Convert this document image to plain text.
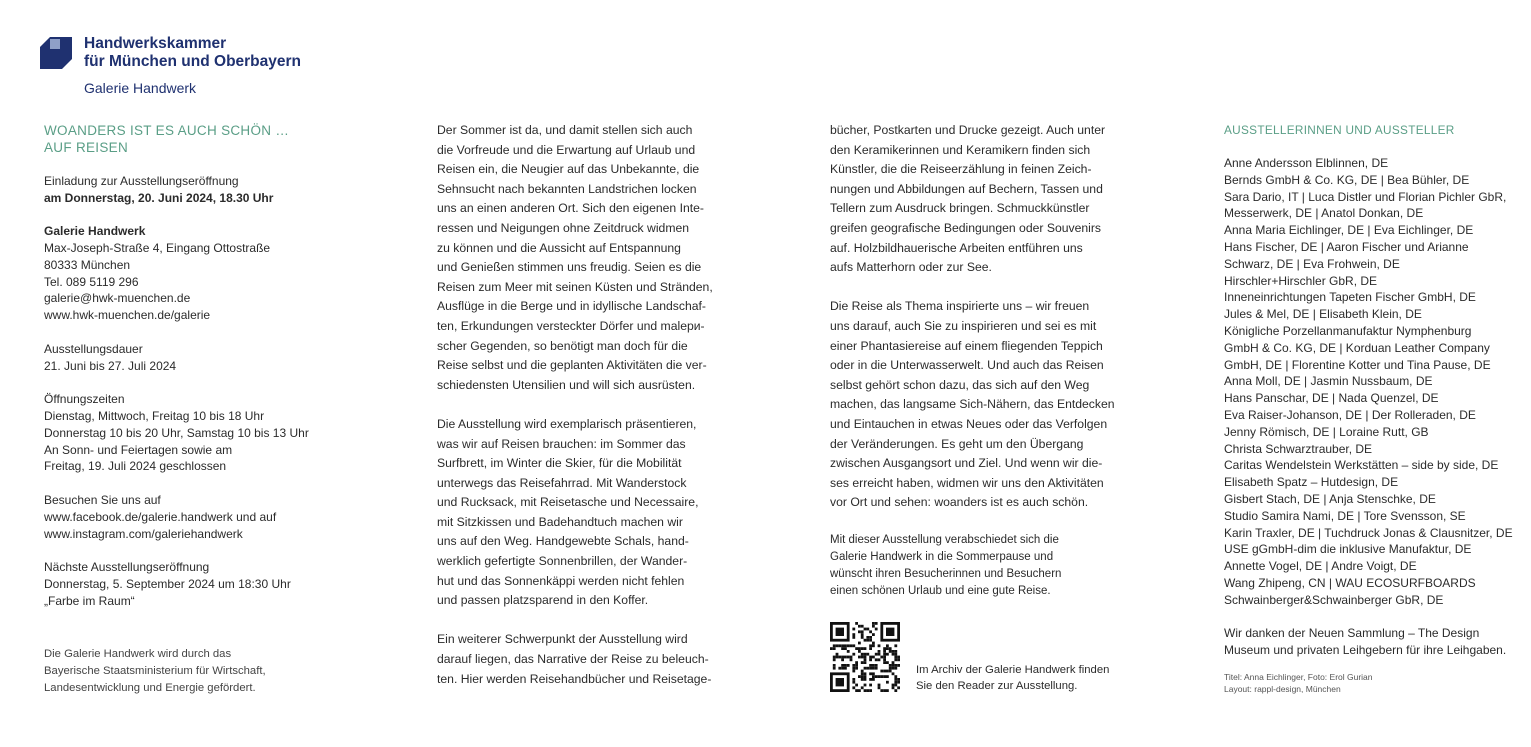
Handwerkskammer
für München und Oberbayern
Galerie Handwerk

WOANDERS IST ES AUCH SCHÖN …

AUF REISEN

Einladung zur Ausstellungseröffnung

am Donnerstag, 20. Juni 2024, 18.30 Uhr

Galerie Handwerk

Max-Joseph-Straße 4, Eingang Ottostraße

80333 München

Tel. 089 5119 296

galerie@hwk-muenchen.de

www.hwk-muenchen.de/galerie

Ausstellungsdauer

21. Juni bis 27. Juli 2024

Öffnungszeiten

Dienstag, Mittwoch, Freitag 10 bis 18 Uhr

Donnerstag 10 bis 20 Uhr, Samstag 10 bis 13 Uhr

An Sonn- und Feiertagen sowie am

Freitag, 19. Juli 2024 geschlossen

Besuchen Sie uns auf

www.facebook.de/galerie.handwerk und auf

www.instagram.com/galeriehandwerk

Nächste Ausstellungseröffnung

Donnerstag, 5. September 2024 um 18:30 Uhr

„Farbe im Raum“

Die Galerie Handwerk wird durch das

Bayerische Staatsministerium für Wirtschaft,

Landesentwicklung und Energie gefördert.

Der Sommer ist da, und damit stellen sich auch
die Vorfreude und die Erwartung auf Urlaub und
Reisen ein, die Neugier auf das Unbekannte, die
Sehnsucht nach bekannten Landstrichen locken
uns an einen anderen Ort. Sich den eigenen Inte-
ressen und Neigungen ohne Zeitdruck widmen
zu können und die Aussicht auf Entspannung
und Genießen stimmen uns freudig. Seien es die
Reisen zum Meer mit seinen Küsten und Stränden,
Ausflüge in die Berge und in idyllische Landschaf-
ten, Erkundungen versteckter Dörfer und malери-
scher Gegenden, so benötigt man doch für die
Reise selbst und die geplanten Aktivitäten die ver-
schiedensten Utensilien und will sich ausrüsten.
Die Ausstellung wird exemplarisch präsentieren,
was wir auf Reisen brauchen: im Sommer das
Surfbrett, im Winter die Skier, für die Mobilität
unterwegs das Reisefahrrad. Mit Wanderstock
und Rucksack, mit Reisetasche und Necessaire,
mit Sitzkissen und Badehandtuch machen wir
uns auf den Weg. Handgewebte Schals, hand-
werklich gefertigte Sonnenbrillen, der Wander-
hut und das Sonnenkäppi werden nicht fehlen
und passen platzsparend in den Koffer.
Ein weiterer Schwerpunkt der Ausstellung wird
darauf liegen, das Narrative der Reise zu beleuch-
ten. Hier werden Reisehandbücher und Reisetage-
bücher, Postkarten und Drucke gezeigt. Auch unter
den Keramikerinnen und Keramikern finden sich
Künstler, die die Reiseerzählung in feinen Zeich-
nungen und Abbildungen auf Bechern, Tassen und
Tellern zum Ausdruck bringen. Schmuckkünstler
greifen geografische Bedingungen oder Souvenirs
auf. Holzbildhauerische Arbeiten entführen uns
aufs Matterhorn oder zur See.
Die Reise als Thema inspirierte uns – wir freuen
uns darauf, auch Sie zu inspirieren und sei es mit
einer Phantasiereise auf einem fliegenden Teppich
oder in die Unterwasserwelt. Und auch das Reisen
selbst gehört schon dazu, das sich auf den Weg
machen, das langsame Sich-Nähern, das Entdecken
und Eintauchen in etwas Neues oder das Verfolgen
der Veränderungen. Es geht um den Übergang
zwischen Ausgangsort und Ziel. Und wenn wir die-
ses erreicht haben, widmen wir uns den Aktivitäten
vor Ort und sehen: woanders ist es auch schön.
Mit dieser Ausstellung verabschiedet sich die
Galerie Handwerk in die Sommerpause und
wünscht ihren Besucherinnen und Besuchern
einen schönen Urlaub und eine gute Reise.
Im Archiv der Galerie Handwerk finden
Sie den Reader zur Ausstellung.

AUSSTELLERINNEN UND AUSSTELLER

Anne Andersson Elblinnen, DE
Bernds GmbH & Co. KG, DE | Bea Bühler, DE
Sara Dario, IT | Luca Distler und Florian Pichler GbR,
Messerwerk, DE | Anatol Donkan, DE
Anna Maria Eichlinger, DE | Eva Eichlinger, DE
Hans Fischer, DE | Aaron Fischer und Arianne
Schwarz, DE | Eva Frohwein, DE
Hirschler+Hirschler GbR, DE
Inneneinrichtungen Tapeten Fischer GmbH, DE
Jules & Mel, DE | Elisabeth Klein, DE
Königliche Porzellanmanufaktur Nymphenburg
GmbH & Co. KG, DE | Korduan Leather Company
GmbH, DE | Florentine Kotter und Tina Pause, DE
Anna Moll, DE | Jasmin Nussbaum, DE
Hans Panschar, DE | Nada Quenzel, DE
Eva Raiser-Johanson, DE | Der Rolleraden, DE
Jenny Römisch, DE | Loraine Rutt, GB
Christa Schwarztrauber, DE
Caritas Wendelstein Werkstätten – side by side, DE
Elisabeth Spatz – Hutdesign, DE
Gisbert Stach, DE | Anja Stenschke, DE
Studio Samira Nami, DE | Tore Svensson, SE
Karin Traxler, DE | Tuchdruck Jonas & Clausnitzer, DE
USE gGmbH-dim die inklusive Manufaktur, DE
Annette Vogel, DE | Andre Voigt, DE
Wang Zhipeng, CN | WAU ECOSURFBOARDS
Schwainberger&Schwainberger GbR, DE

Wir danken der Neuen Sammlung – The Design

Museum und privaten Leihgebern für ihre Leihgaben.

Titel: Anna Eichlinger, Foto: Erol Gurian

Layout: rappl-design, München
